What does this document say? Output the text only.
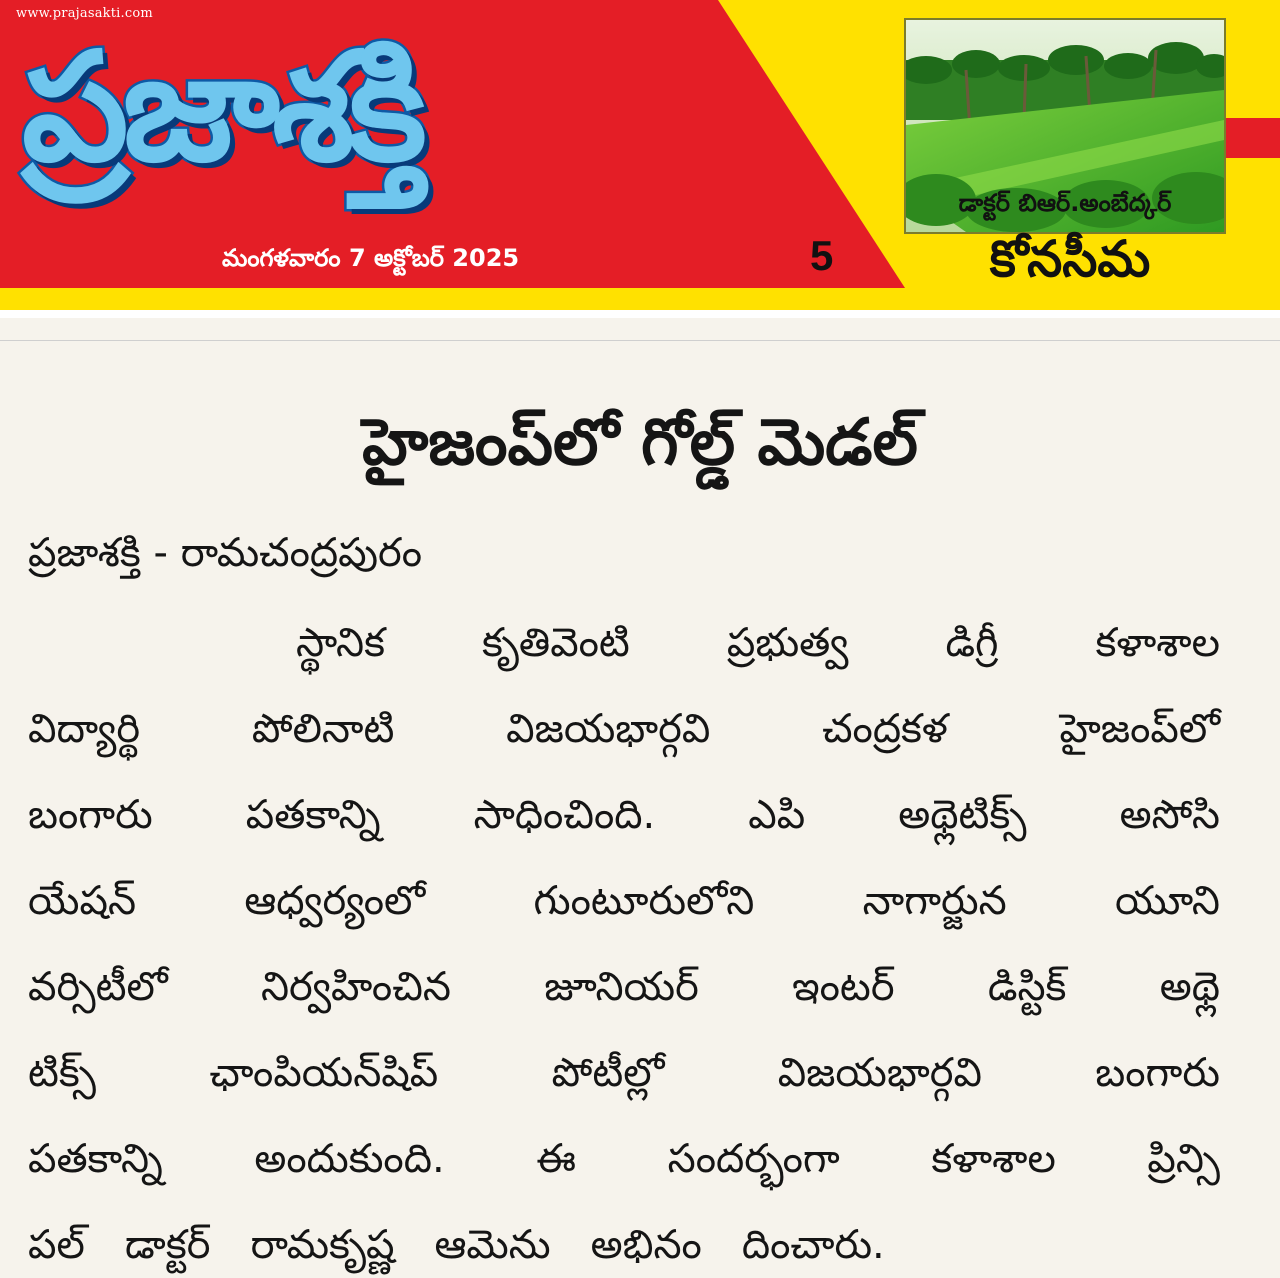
www.prajasakti.com
ప్రజాశక్తి
మంగళవారం 7 అక్టోబర్ 2025	5
డాక్టర్ బిఆర్.అంబేద్కర్
కోనసీమ
హైజంప్‌లో గోల్డ్ మెడల్
ప్రజాశక్తి - రామచంద్రపురం
స్థానిక కృతివెంటి ప్రభుత్వ డిగ్రీ కళాశాల
విద్యార్థి	పోలినాటి	విజయభార్గవి	చంద్రకళ	హైజంప్‌లో
బంగారు పతకాన్ని సాధించింది. ఎపి అథ్లెటిక్స్ అసోసి
యేషన్	ఆధ్వర్యంలో	గుంటూరులోని	నాగార్జున	యూని
వర్సిటీలో నిర్వహించిన జూనియర్ ఇంటర్ డిస్టిక్ అథ్లె
టిక్స్	ఛాంపియన్‌షిప్	పోటీల్లో	విజయభార్గవి	బంగారు
పతకాన్ని అందుకుంది. ఈ సందర్భంగా కళాశాల ప్రిన్సి
పల్ డాక్టర్ రామకృష్ణ ఆమెను అభినం దించారు.
